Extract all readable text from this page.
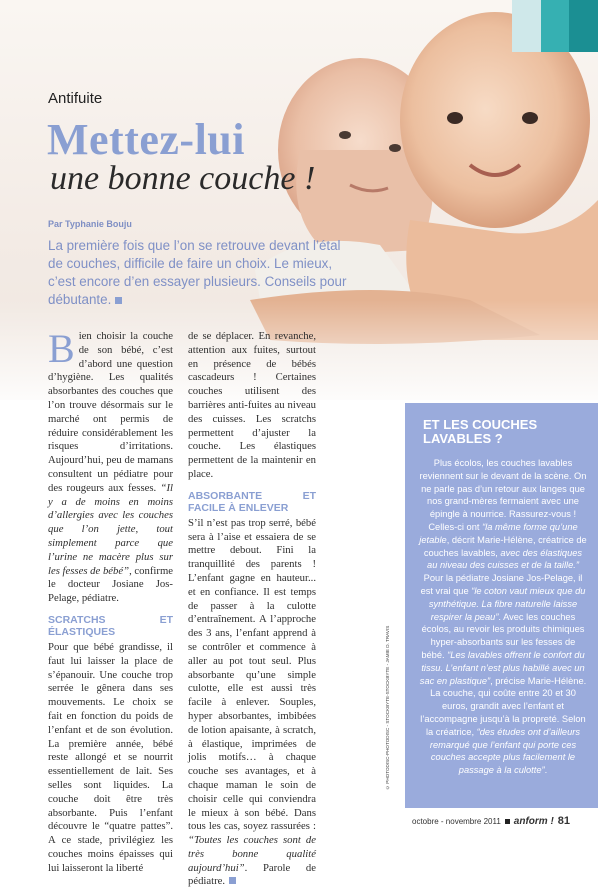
Antifuite
Mettez-lui
une bonne couche !
Par Typhanie Bouju
La première fois que l’on se retrouve devant l’étal de couches, difficile de faire un choix. Le mieux, c’est encore d’en essayer plusieurs. Conseils pour débutante.

Bien choisir la couche de son bébé, c’est d’abord une question d’hygiène. Les qualités absorbantes des couches que l’on trouve désormais sur le marché ont permis de réduire considérablement les risques d’irritations. Aujourd’hui, peu de mamans consultent un pédiatre pour des rougeurs aux fesses. “Il y a de moins en moins d’allergies avec les couches que l’on jette, tout simplement parce que l’urine ne macère plus sur les fesses de bébé”, confirme le docteur Josiane Jos-Pelage, pédiatre.

SCRATCHS ET ÉLASTIQUES

Pour que bébé grandisse, il faut lui laisser la place de s’épanouir. Une couche trop serrée le gênera dans ses mouvements. Le choix se fait en fonction du poids de l’enfant et de son évolution. La première année, bébé reste allongé et se nourrit essentiellement de lait. Ses selles sont liquides. La couche doit être très absorbante. Puis l’enfant découvre le “quatre pattes”. A ce stade, privilégiez les couches moins épaisses qui lui laisseront la liberté

de se déplacer. En revanche, attention aux fuites, surtout en présence de bébés cascadeurs ! Certaines couches utilisent des barrières anti-fuites au niveau des cuisses. Les scratchs permettent d’ajuster la couche. Les élastiques permettent de la maintenir en place.

ABSORBANTE ET FACILE À ENLEVER

S’il n’est pas trop serré, bébé sera à l’aise et essaiera de se mettre debout. Fini la tranquillité des parents ! L’enfant gagne en hauteur... et en confiance. Il est temps de passer à la culotte d’entraînement. A l’approche des 3 ans, l’enfant apprend à se contrôler et commence à aller au pot tout seul. Plus absorbante qu’une simple culotte, elle est aussi très facile à enlever. Souples, hyper absorbantes, imbibées de lotion apaisante, à scratch, à élastique, imprimées de jolis motifs… à chaque couche ses avantages, et à chaque maman le soin de choisir celle qui conviendra le mieux à son bébé. Dans tous les cas, soyez rassurées : “Toutes les couches sont de très bonne qualité aujourd’hui”. Parole de pédiatre.

© PHOTODISC-PHOTODISC - STOCKBYTE-STOCKBYTE - JAMIE D. TRAVIS
ET LES COUCHES LAVABLES ?
Plus écolos, les couches lavables reviennent sur le devant de la scène. On ne parle pas d’un retour aux langes que nos grand-mères fermaient avec une épingle à nourrice. Rassurez-vous ! Celles-ci ont “la même forme qu’une jetable, décrit Marie-Hélène, créatrice de couches lavables, avec des élastiques au niveau des cuisses et de la taille.” Pour la pédiatre Josiane Jos-Pelage, il est vrai que “le coton vaut mieux que du synthétique. La fibre naturelle laisse respirer la peau”. Avec les couches écolos, au revoir les produits chimiques hyper-absorbants sur les fesses de bébé. “Les lavables offrent le confort du tissu. L’enfant n’est plus habillé avec un sac en plastique”, précise Marie-Hélène. La couche, qui coûte entre 20 et 30 euros, grandit avec l’enfant et l’accompagne jusqu’à la propreté. Selon la créatrice, “des études ont d’ailleurs remarqué que l’enfant qui porte ces couches accepte plus facilement le passage à la culotte”.
octobre - novembre 2011 anform ! 81
